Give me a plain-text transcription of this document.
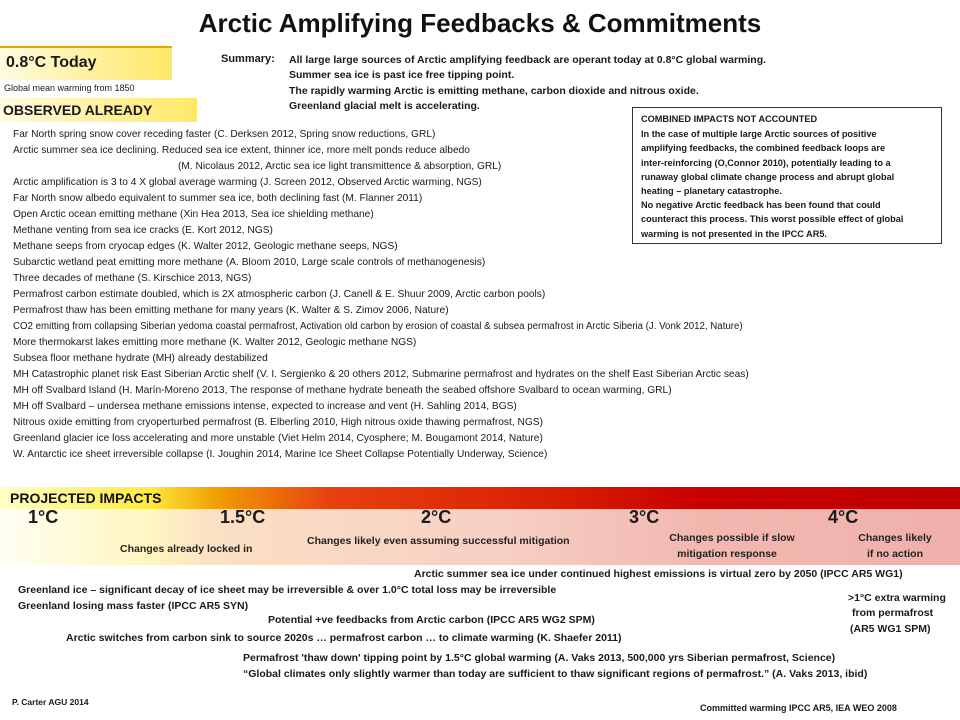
Arctic Amplifying Feedbacks & Commitments
0.8°C Today
Global mean warming from 1850
OBSERVED ALREADY
Summary: All large large sources of Arctic amplifying feedback are operant today at 0.8°C global warming.
Summer sea ice is past ice free tipping point.
The rapidly warming Arctic is emitting methane, carbon dioxide and nitrous oxide.
Greenland glacial melt is accelerating.
COMBINED IMPACTS NOT ACCOUNTED
In the case of multiple large Arctic sources of positive
amplifying feedbacks, the combined feedback loops are
inter-reinforcing (O,Connor 2010), potentially leading to a
runaway global climate change process and abrupt global
heating – planetary catastrophe.
No negative Arctic feedback has been found that could
counteract this process. This worst possible effect of global
warming is not presented in the IPCC AR5.
Far North spring snow cover receding faster (C. Derksen 2012, Spring snow reductions, GRL)
Arctic summer sea ice declining. Reduced sea ice extent, thinner ice, more melt ponds reduce albedo
(M. Nicolaus 2012, Arctic sea ice light transmittence & absorption, GRL)
Arctic amplification is 3 to 4 X global average warming (J. Screen 2012, Observed Arctic warming, NGS)
Far North snow albedo equivalent to summer sea ice, both declining fast (M. Flanner 2011)
Open Arctic ocean emitting methane (Xin Hea 2013, Sea ice shielding methane)
Methane venting from sea ice cracks (E. Kort 2012, NGS)
Methane seeps from cryocap edges (K. Walter 2012, Geologic methane seeps, NGS)
Subarctic wetland peat emitting more methane (A. Bloom 2010, Large scale controls of methanogenesis)
Three decades of methane (S. Kirschice 2013, NGS)
Permafrost carbon estimate doubled, which is 2X atmospheric carbon (J. Canell & E. Shuur 2009, Arctic carbon pools)
Permafrost thaw has been emitting methane for many years (K. Walter & S. Zimov 2006, Nature)
CO2 emitting from collapsing Siberian yedoma coastal permafrost, Activation old carbon by erosion of coastal & subsea permafrost in Arctic Siberia (J. Vonk 2012, Nature)
More thermokarst lakes emitting more methane (K. Walter 2012, Geologic methane NGS)
Subsea floor methane hydrate (MH) already destabilized
MH Catastrophic planet risk East Siberian Arctic shelf (V. I. Sergienko & 20 others 2012, Submarine permafrost and hydrates on the shelf East Siberian Arctic seas)
MH off Svalbard Island (H. Marín-Moreno 2013, The response of methane hydrate beneath the seabed offshore Svalbard to ocean warming, GRL)
MH off Svalbard – undersea methane emissions intense, expected to increase and vent (H. Sahling 2014, BGS)
Nitrous oxide emitting from cryoperturbed permafrost (B. Elberling 2010, High nitrous oxide thawing permafrost, NGS)
Greenland glacier ice loss accelerating and more unstable (Viet Helm 2014, Cyosphere; M. Bougamont 2014, Nature)
W. Antarctic ice sheet irreversible collapse (I. Joughin 2014, Marine Ice Sheet Collapse Potentially Underway, Science)
PROJECTED IMPACTS
1°C	1.5°C	2°C	3°C	4°C
Changes already locked in
Changes likely even assuming successful mitigation	Changes possible if slow
mitigation response
Changes likely
if no action
Arctic summer sea ice under continued highest emissions is virtual zero by 2050 (IPCC AR5 WG1)
Greenland ice – significant decay of ice sheet may be irreversible & over 1.0°C total loss may be irreversible
Greenland losing mass faster (IPCC AR5 SYN)
Potential +ve feedbacks from Arctic carbon (IPCC AR5 WG2 SPM)
Arctic switches from carbon sink to source 2020s … permafrost carbon … to climate warming (K. Shaefer 2011)
Permafrost 'thaw down' tipping point by 1.5°C global warming (A. Vaks 2013, 500,000 yrs Siberian permafrost, Science)
“Global climates only slightly warmer than today are sufficient to thaw significant regions of permafrost.” (A. Vaks 2013, ibid)
>1°C extra warming
from permafrost
(AR5 WG1 SPM)
P. Carter AGU 2014
Committed warming IPCC AR5, IEA WEO 2008
